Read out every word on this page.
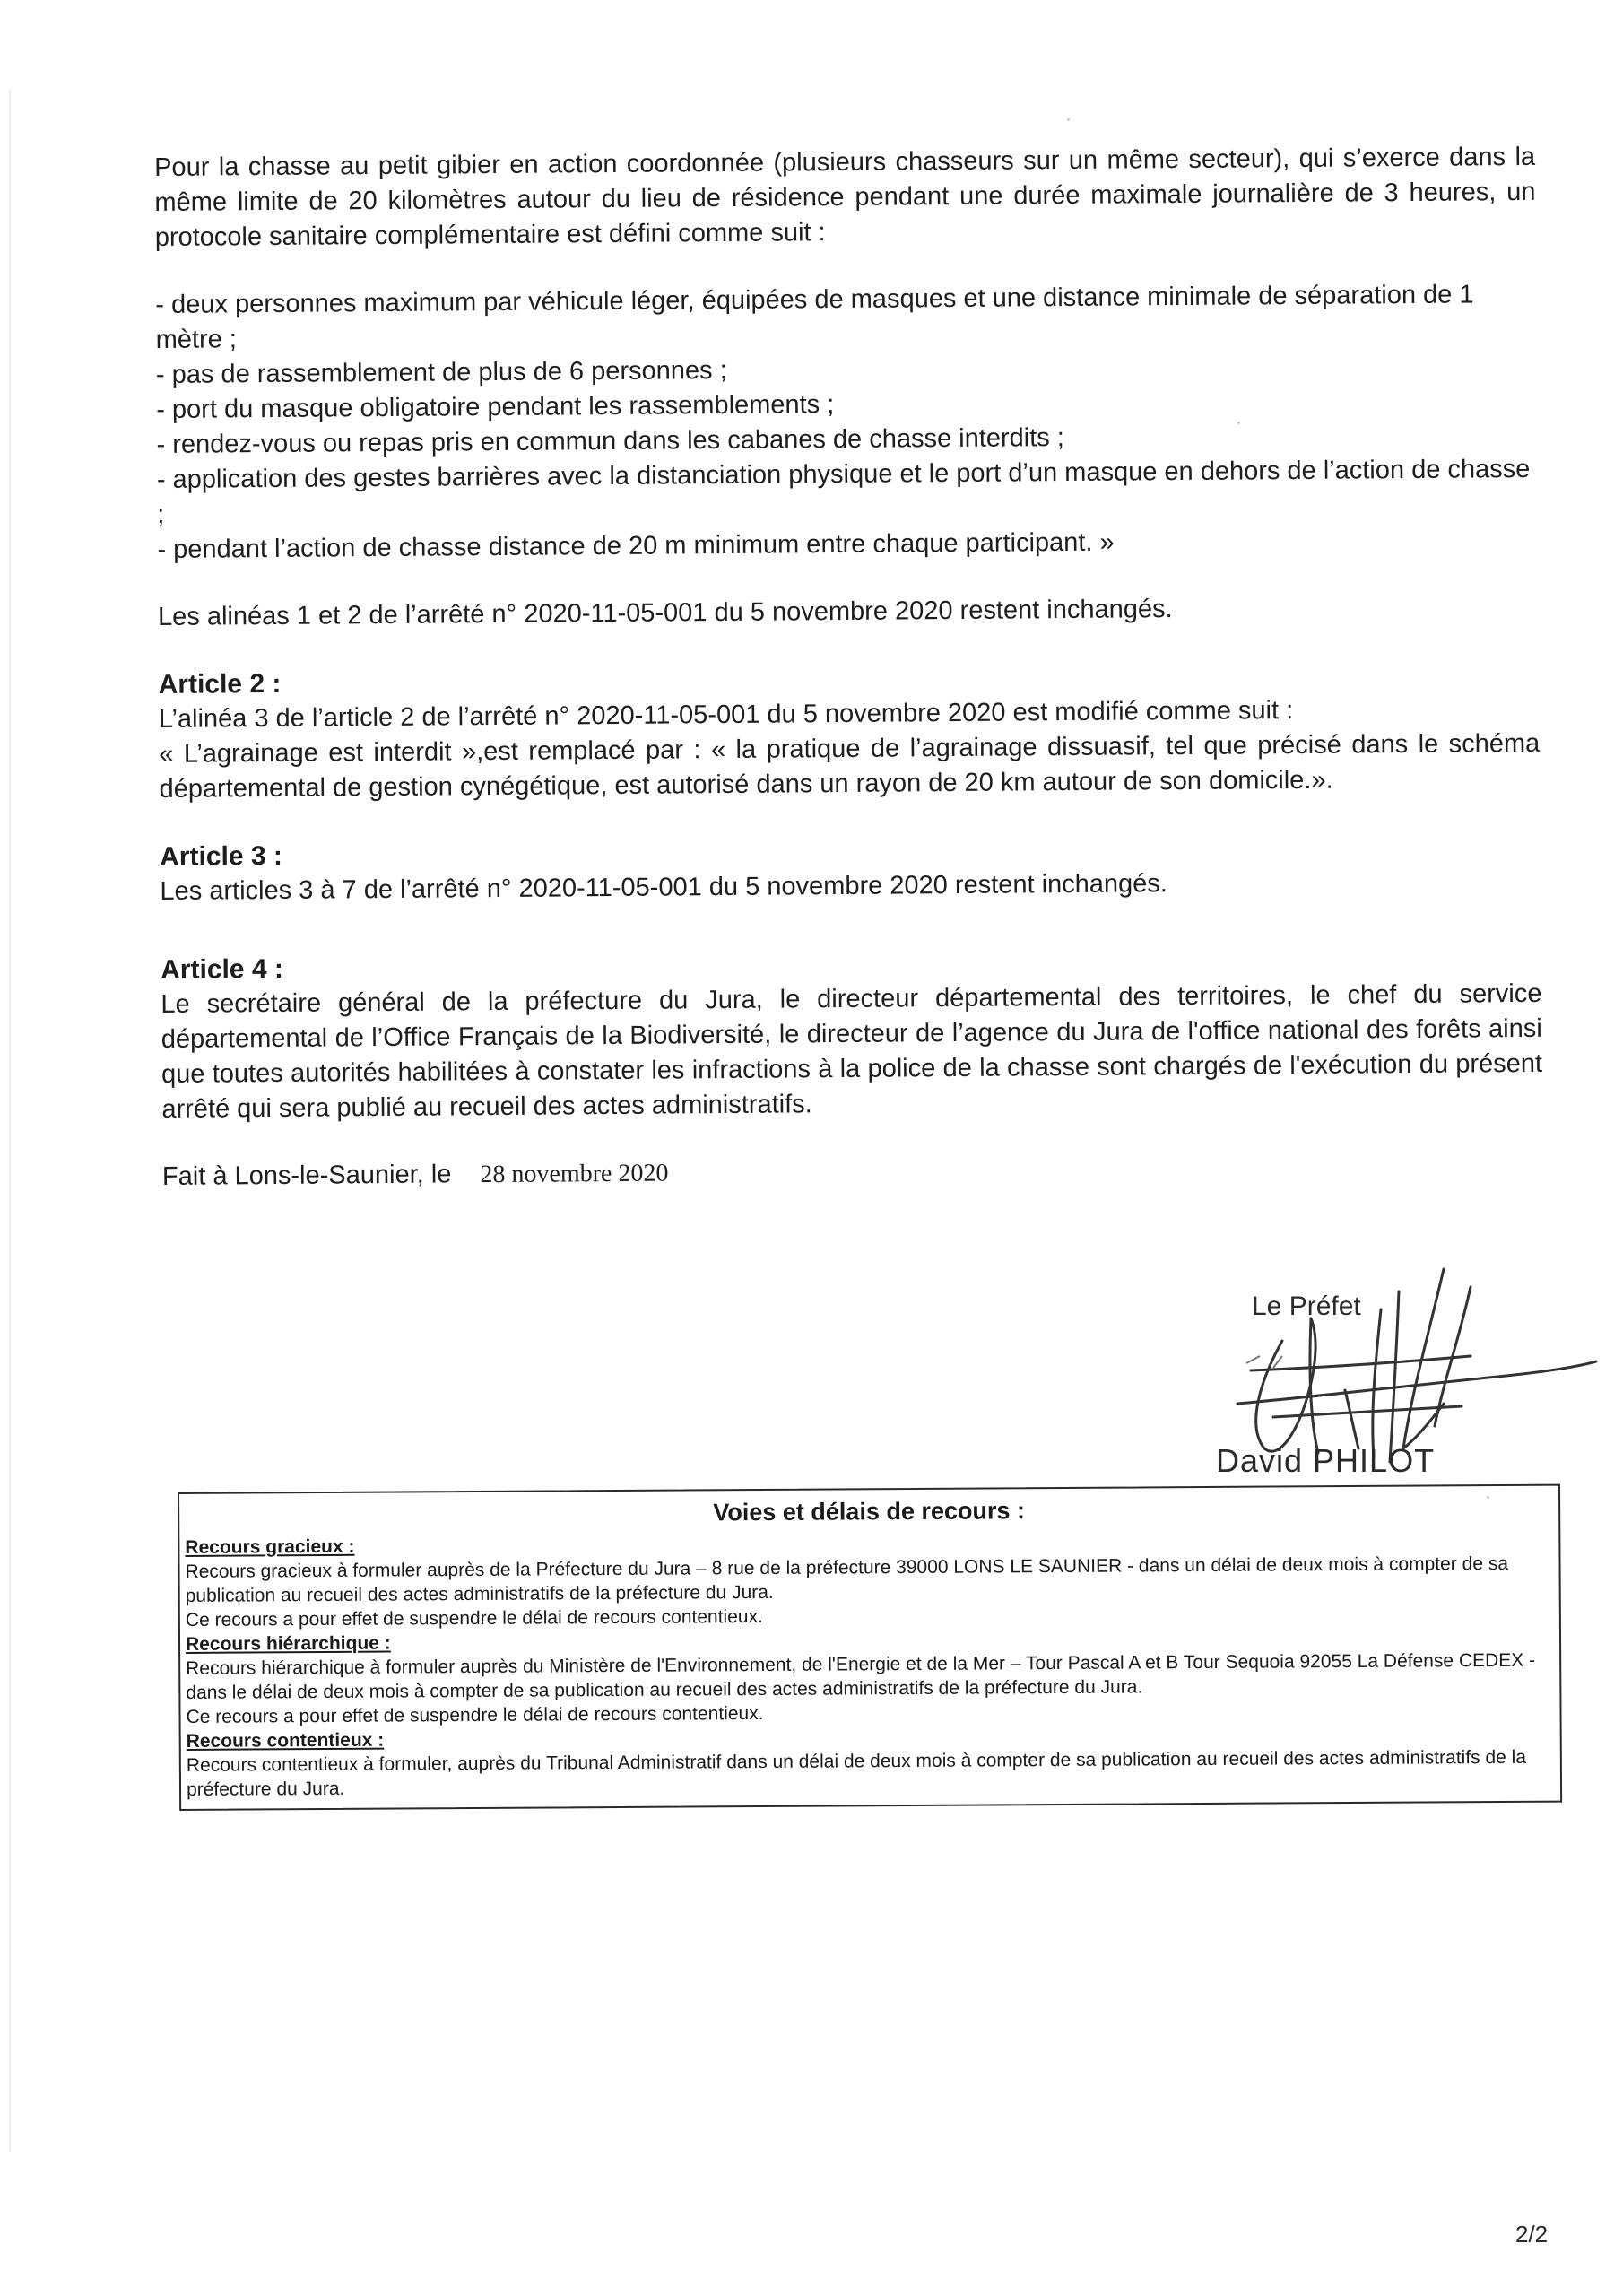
Pour la chasse au petit gibier en action coordonnée (plusieurs chasseurs sur un même secteur), qui s’exerce dans la même limite de 20 kilomètres autour du lieu de résidence pendant une durée maximale journalière de 3 heures, un protocole sanitaire complémentaire est défini comme suit :

- deux personnes maximum par véhicule léger, équipées de masques et une distance minimale de séparation de 1 mètre ;

- pas de rassemblement de plus de 6 personnes ;

- port du masque obligatoire pendant les rassemblements ;

- rendez-vous ou repas pris en commun dans les cabanes de chasse interdits ;

- application des gestes barrières avec la distanciation physique et le port d’un masque en dehors de l’action de chasse ;

- pendant l’action de chasse distance de 20 m minimum entre chaque participant. »

Les alinéas 1 et 2 de l’arrêté n° 2020-11-05-001 du 5 novembre 2020 restent inchangés.

Article 2 :

L’alinéa 3 de l’article 2 de l’arrêté n° 2020-11-05-001 du 5 novembre 2020 est modifié comme suit :

« L’agrainage est interdit »,est remplacé par : « la pratique de l’agrainage dissuasif, tel que précisé dans le schéma départemental de gestion cynégétique, est autorisé dans un rayon de 20 km autour de son domicile.».

Article 3 :

Les articles 3 à 7 de l’arrêté n° 2020-11-05-001 du 5 novembre 2020 restent inchangés.

Article 4 :

Le secrétaire général de la préfecture du Jura, le directeur départemental des territoires, le chef du service départemental de l’Office Français de la Biodiversité, le directeur de l’agence du Jura de l'office national des forêts ainsi que toutes autorités habilitées à constater les infractions à la police de la chasse sont chargés de l'exécution du présent arrêté qui sera publié au recueil des actes administratifs.

Fait à Lons-le-Saunier, le 28 novembre 2020

Le Préfet
David PHILOT
Voies et délais de recours :

Recours gracieux :

Recours gracieux à formuler auprès de la Préfecture du Jura – 8 rue de la préfecture 39000 LONS LE SAUNIER - dans un délai de deux mois à compter de sa publication au recueil des actes administratifs de la préfecture du Jura.

Ce recours a pour effet de suspendre le délai de recours contentieux.

Recours hiérarchique :

Recours hiérarchique à formuler auprès du Ministère de l'Environnement, de l'Energie et de la Mer – Tour Pascal A et B Tour Sequoia 92055 La Défense CEDEX - dans le délai de deux mois à compter de sa publication au recueil des actes administratifs de la préfecture du Jura.

Ce recours a pour effet de suspendre le délai de recours contentieux.

Recours contentieux :

Recours contentieux à formuler, auprès du Tribunal Administratif dans un délai de deux mois à compter de sa publication au recueil des actes administratifs de la préfecture du Jura.

2/2
